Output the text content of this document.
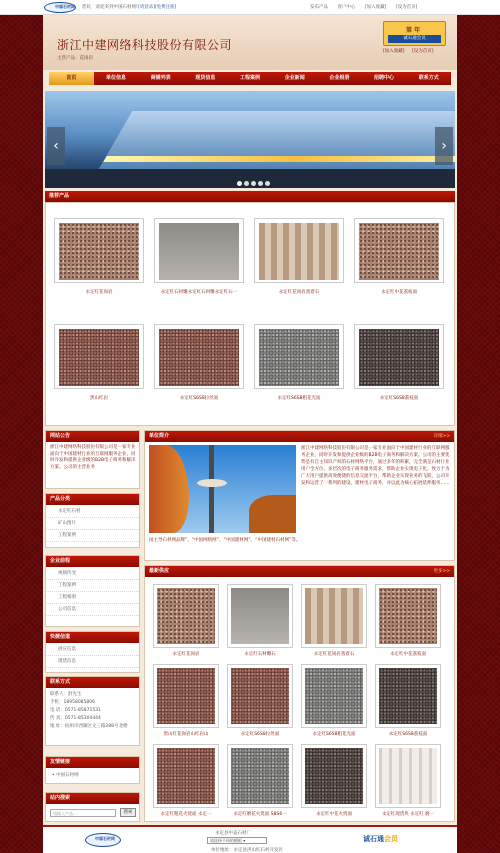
中国石材网 您好，欢迎来到中国石材网![请登录][免费注册]	发布产品 客户中心 [加入收藏] [设为首页]
浙江中建网络科技股份有限公司
主营产品：花岗岩
第 年
诚石通会员
[加入收藏] [设为首页]
首页	单位信息	商铺列表	现货信息	工程案例	企业新闻	企业相册	招聘中心	联系方式
‹	›
推荐产品
永定红花岗岩	永定红石材雕永定红石材雕永定红石一	永定红花岗岩蒸着石	永定红中花荔枝面
黑山红岩	永定红S6S8拉丝面	永定红S6S8粗花光面	永定红S6S8荔枝面
网站公告
浙江中建网络科技股份有限公司是一家专业面向于中国建材行业的互联网服务企业，同时开发和提供企业级的B2B电子商务和解决方案。公司的主营业务
产品分类
永定红石材
矿山图片
工程案例
企业前程
视频传受
工程案例
工程相册
公司信息
快捷信道
供应信息
现货信息
联系方式
联系人：舒先生
手机：18958085806
电 话：0571-85871531
传 真：0571-85304444
地 址：杭州市西湖区文三路288号北楼
友情链接
• 中国石材网
站内搜索
请输入产品...	搜索
单位简介	详细>>
浙江中建网络科技股份有限公司是一家专业面向于中国建材行业的互联网服务企业，同时开发和提供企业级的B2B电子商务和解决方案。公司的主要优势是有自主知识产权的石材网络平台，通过多年的积累，完全满足石材行业用户全方位、多层次的电子商务服务需求，帮助企业实现电子化，致力于为广大用户提供高效便捷的信息交流平台，帮助企业实现业务的飞跃，公司开发和运营了一系列的建设、建材电子商务，并以此为核心拓展延伸服务……
国主导石材网品牌”、“中国网络网”、“中国建材网”、“中国建材石材网”等。
最新供应	更多>>
永定红花岗岩	永定红石材雕石	永定红花岗岩蒸着石	永定红中花荔枝面
黑山红花岗岩山红岩山	永定红S6S8拉丝面	永定红S6S8粗花光面	永定红S6S8荔枝面
永定红粗花火烧面 永定一	永定红磨花火烧面 S8S6一	永定红中花火烧面	永定红现货块 永定红 磨一
中国石材网
永定县中盖石材厂
请选择不同的模板 ▾
单位地址：永定县洪山红石村开发区
诚石通会员
